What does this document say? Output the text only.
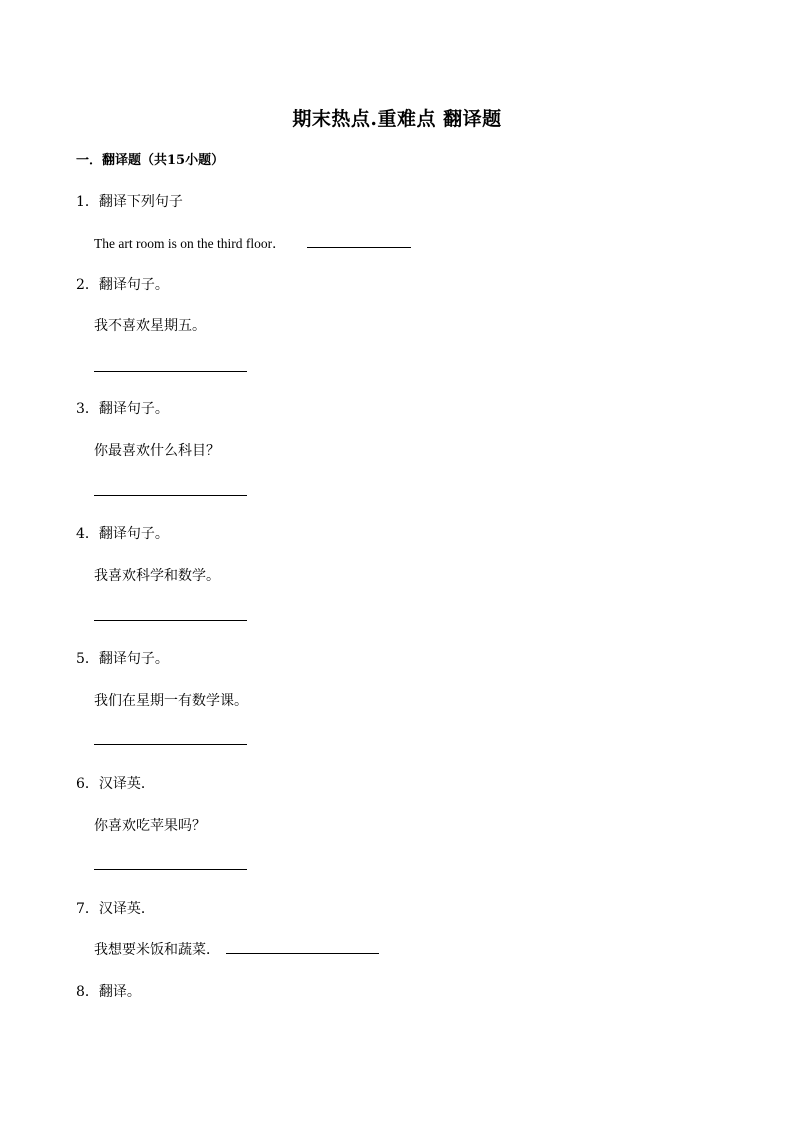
期末热点.重难点 翻译题
一．翻译题（共15小题）
1．翻译下列句子
The art room is on the third floor．
2．翻译句子。
我不喜欢星期五。
3．翻译句子。
你最喜欢什么科目？
4．翻译句子。
我喜欢科学和数学。
5．翻译句子。
我们在星期一有数学课。
6．汉译英．
你喜欢吃苹果吗？
7．汉译英．
我想要米饭和蔬菜．
8．翻译。
